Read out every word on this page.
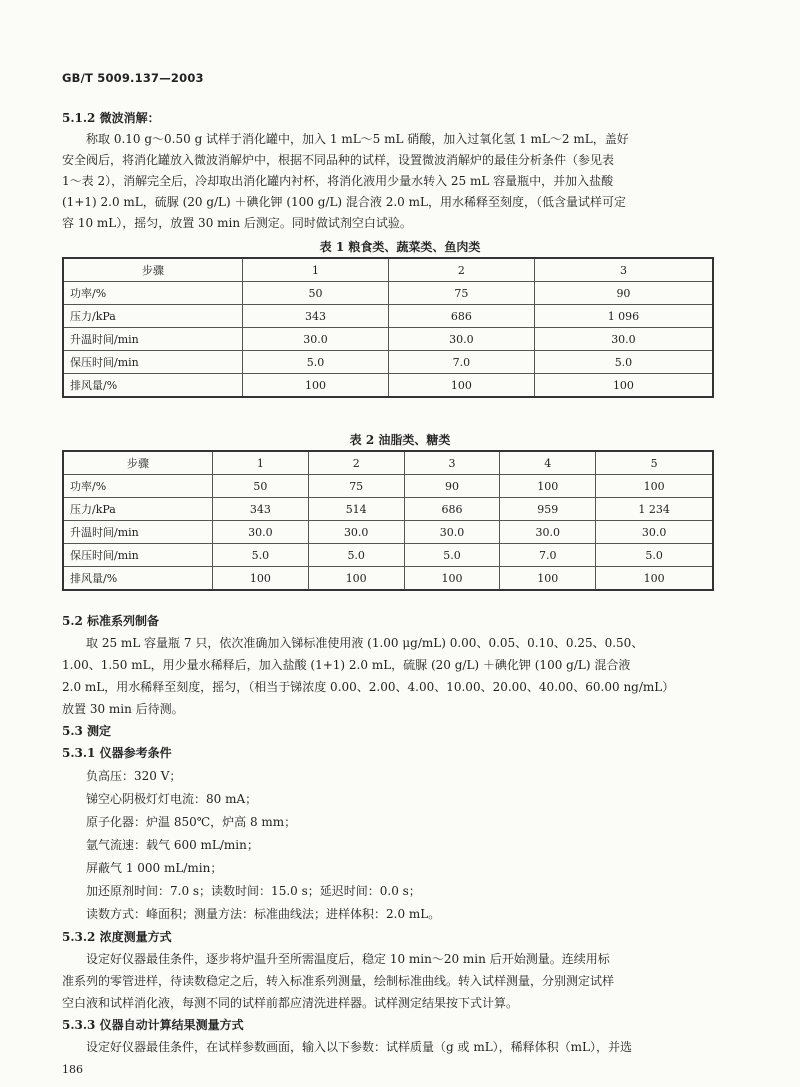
GB/T 5009.137—2003
5.1.2 微波消解：
称取 0.10 g～0.50 g 试样于消化罐中，加入 1 mL～5 mL 硝酸，加入过氧化氢 1 mL～2 mL，盖好
安全阀后，将消化罐放入微波消解炉中，根据不同品种的试样，设置微波消解炉的最佳分析条件（参见表
1～表 2），消解完全后，冷却取出消化罐内衬杯，将消化液用少量水转入 25 mL 容量瓶中，并加入盐酸
(1+1) 2.0 mL，硫脲 (20 g/L) ＋碘化钾 (100 g/L) 混合液 2.0 mL，用水稀释至刻度，（低含量试样可定
容 10 mL），摇匀，放置 30 min 后测定。同时做试剂空白试验。
表 1 粮食类、蔬菜类、鱼肉类
步骤	1	2	3
功率/%	50	75	90
压力/kPa	343	686	1 096
升温时间/min	30.0	30.0	30.0
保压时间/min	5.0	7.0	5.0
排风量/%	100	100	100
表 2 油脂类、糖类
步骤	1	2	3	4	5
功率/%	50	75	90	100	100
压力/kPa	343	514	686	959	1 234
升温时间/min	30.0	30.0	30.0	30.0	30.0
保压时间/min	5.0	5.0	5.0	7.0	5.0
排风量/%	100	100	100	100	100
5.2 标准系列制备
取 25 mL 容量瓶 7 只，依次准确加入锑标准使用液 (1.00 μg/mL) 0.00、0.05、0.10、0.25、0.50、
1.00、1.50 mL，用少量水稀释后，加入盐酸 (1+1) 2.0 mL，硫脲 (20 g/L) ＋碘化钾 (100 g/L) 混合液
2.0 mL，用水稀释至刻度，摇匀，（相当于锑浓度 0.00、2.00、4.00、10.00、20.00、40.00、60.00 ng/mL）
放置 30 min 后待测。
5.3 测定
5.3.1 仪器参考条件
负高压：320 V；
锑空心阴极灯灯电流：80 mA；
原子化器：炉温 850℃，炉高 8 mm；
氩气流速：载气 600 mL/min；
屏蔽气 1 000 mL/min；
加还原剂时间：7.0 s；读数时间：15.0 s；延迟时间：0.0 s；
读数方式：峰面积；测量方法：标准曲线法；进样体积：2.0 mL。
5.3.2 浓度测量方式
设定好仪器最佳条件，逐步将炉温升至所需温度后，稳定 10 min～20 min 后开始测量。连续用标
准系列的零管进样，待读数稳定之后，转入标准系列测量，绘制标准曲线。转入试样测量，分别测定试样
空白液和试样消化液，每测不同的试样前都应清洗进样器。试样测定结果按下式计算。
5.3.3 仪器自动计算结果测量方式
设定好仪器最佳条件，在试样参数画面，输入以下参数：试样质量（g 或 mL），稀释体积（mL），并选
186
